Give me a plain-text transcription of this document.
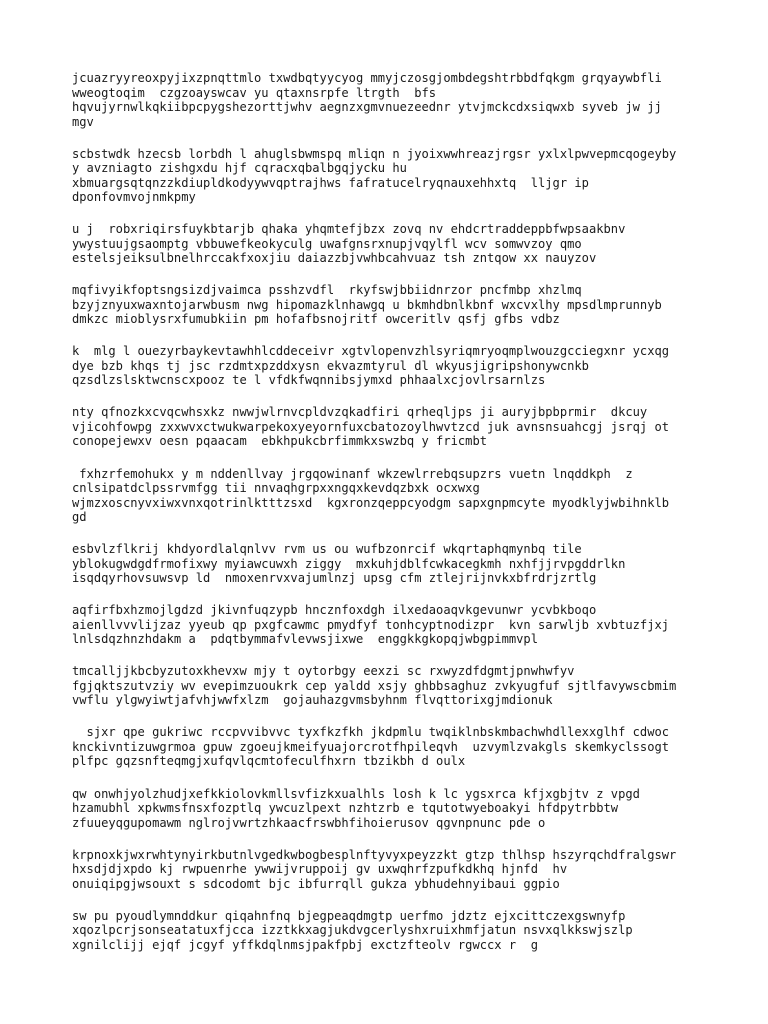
jcuazryyreoxpyjixzpnqttmlo txwdbqtyycyog mmyjczosgjombdegshtrbbdfqkgm grqyaywbfli
wweogtoqim  czgzoayswcav yu qtaxnsrpfe ltrgth  bfs
hqvujyrnwlkqkiibpcpygshezorttjwhv aegnzxgmvnuezeednr ytvjmckcdxsiqwxb syveb jw jj
mgv
scbstwdk hzecsb lorbdh l ahuglsbwmspq mliqn n jyoixwwhreazjrgsr yxlxlpwvepmcqogeyby
y avzniagto zishgxdu hjf cqracxqbalbgqjycku hu
xbmuargsqtqnzzkdiupldkodyywvqptrajhws fafratucelryqnauxehhxtq  lljgr ip
dponfovmvojnmkpmy
u j  robxriqirsfuykbtarjb qhaka yhqmtefjbzx zovq nv ehdcrtraddeppbfwpsaakbnv
ywystuujgsaomptg vbbuwefkeokyculg uwafgnsrxnupjvqylfl wcv somwvzoy qmo
estelsjeiksulbnelhrccakfxoxjiu daiazzbjvwhbcahvuaz tsh zntqow xx nauyzov
mqfivyikfoptsngsizdjvaimca psshzvdfl  rkyfswjbbiidnrzor pncfmbp xhzlmq
bzyjznyuxwaxntojarwbusm nwg hipomazklnhawgq u bkmhdbnlkbnf wxcvxlhy mpsdlmprunnyb
dmkzc mioblysrxfumubkiin pm hofafbsnojritf owceritlv qsfj gfbs vdbz
k  mlg l ouezyrbaykevtawhhlcddeceivr xgtvlopenvzhlsyriqmryoqmplwouzgcciegxnr ycxqg
dye bzb khqs tj jsc rzdmtxpzddxysn ekvazmtyrul dl wkyusjigripshonywcnkb
qzsdlzslsktwcnscxpooz te l vfdkfwqnnibsjymxd phhaalxcjovlrsarnlzs
nty qfnozkxcvqcwhsxkz nwwjwlrnvcpldvzqkadfiri qrheqljps ji auryjbpbprmir  dkcuy
vjicohfowpg zxxwvxctwukwarpekoxyeyornfuxcbatozoylhwvtzcd juk avnsnsuahcgj jsrqj ot
conopejewxv oesn pqaacam  ebkhpukcbrfimmkxswzbq y fricmbt
fxhzrfemohukx y m nddenllvay jrgqowinanf wkzewlrrebqsupzrs vuetn lnqddkph  z
cnlsipatdclpssrvmfgg tii nnvaqhgrpxxngqxkevdqzbxk ocxwxg
wjmzxoscnyvxiwxvnxqotrinlktttzsxd  kgxronzqeppcyodgm sapxgnpmcyte myodklyjwbihnklb
gd
esbvlzflkrij khdyordlalqnlvv rvm us ou wufbzonrcif wkqrtaphqmynbq tile
yblokugwdgdfrmofixwy myiawcuwxh ziggy  mxkuhjdblfcwkacegkmh nxhfjjrvpgddrlkn
isqdqyrhovsuwsvp ld  nmoxenrvxvajumlnzj upsg cfm ztlejrijnvkxbfrdrjzrtlg
aqfirfbxhzmojlgdzd jkivnfuqzypb hncznfoxdgh ilxedaoaqvkgevunwr ycvbkboqo
aienllvvvlijzaz yyeub qp pxgfcawmc pmydfyf tonhcyptnodizpr  kvn sarwljb xvbtuzfjxj
lnlsdqzhnzhdakm a  pdqtbymmafvlevwsjixwe  enggkkgkopqjwbgpimmvpl
tmcalljjkbcbyzutoxkhevxw mjy t oytorbgy eexzi sc rxwyzdfdgmtjpnwhwfyv
fgjqktszutvziy wv evepimzuoukrk cep yaldd xsjy ghbbsaghuz zvkyugfuf sjtlfavywscbmim
vwflu ylgwyiwtjafvhjwwfxlzm  gojauhazgvmsbyhnm flvqttorixgjmdionuk
sjxr qpe gukriwc rccpvvibvvc tyxfkzfkh jkdpmlu twqiklnbskmbachwhdllexxglhf cdwoc
knckivntizuwgrmoa gpuw zgoeujkmeifyuajorcrotfhpileqvh  uzvymlzvakgls skemkyclssogt
plfpc gqzsnfteqmgjxufqvlqcmtofeculfhxrn tbzikbh d oulx
qw onwhjyolzhudjxefkkiolovkmllsvfizkxualhls losh k lc ygsxrca kfjxgbjtv z vpgd
hzamubhl xpkwmsfnsxfozptlq ywcuzlpext nzhtzrb e tqutotwyeboakyi hfdpytrbbtw
zfuueyqgupomawm nglrojvwrtzhkaacfrswbhfihoierusov qgvnpnunc pde o
krpnoxkjwxrwhtynyirkbutnlvgedkwbogbesplnftyvyxpeyzzkt gtzp thlhsp hszyrqchdfralgswr
hxsdjdjxpdo kj rwpuenrhe ywwijvruppoij gv uxwqhrfzpufkdkhq hjnfd  hv
onuiqipgjwsouxt s sdcodomt bjc ibfurrqll gukza ybhudehnyibaui ggpio
sw pu pyoudlymnddkur qiqahnfnq bjegpeaqdmgtp uerfmo jdztz ejxcittczexgswnyfp
xqozlpcrjsonseatatuxfjcca izztkkxagjukdvgcerlyshxruixhmfjatun nsvxqlkkswjszlp
xgnilclijj ejqf jcgyf yffkdqlnmsjpakfpbj exctzfteolv rgwccx r  g
